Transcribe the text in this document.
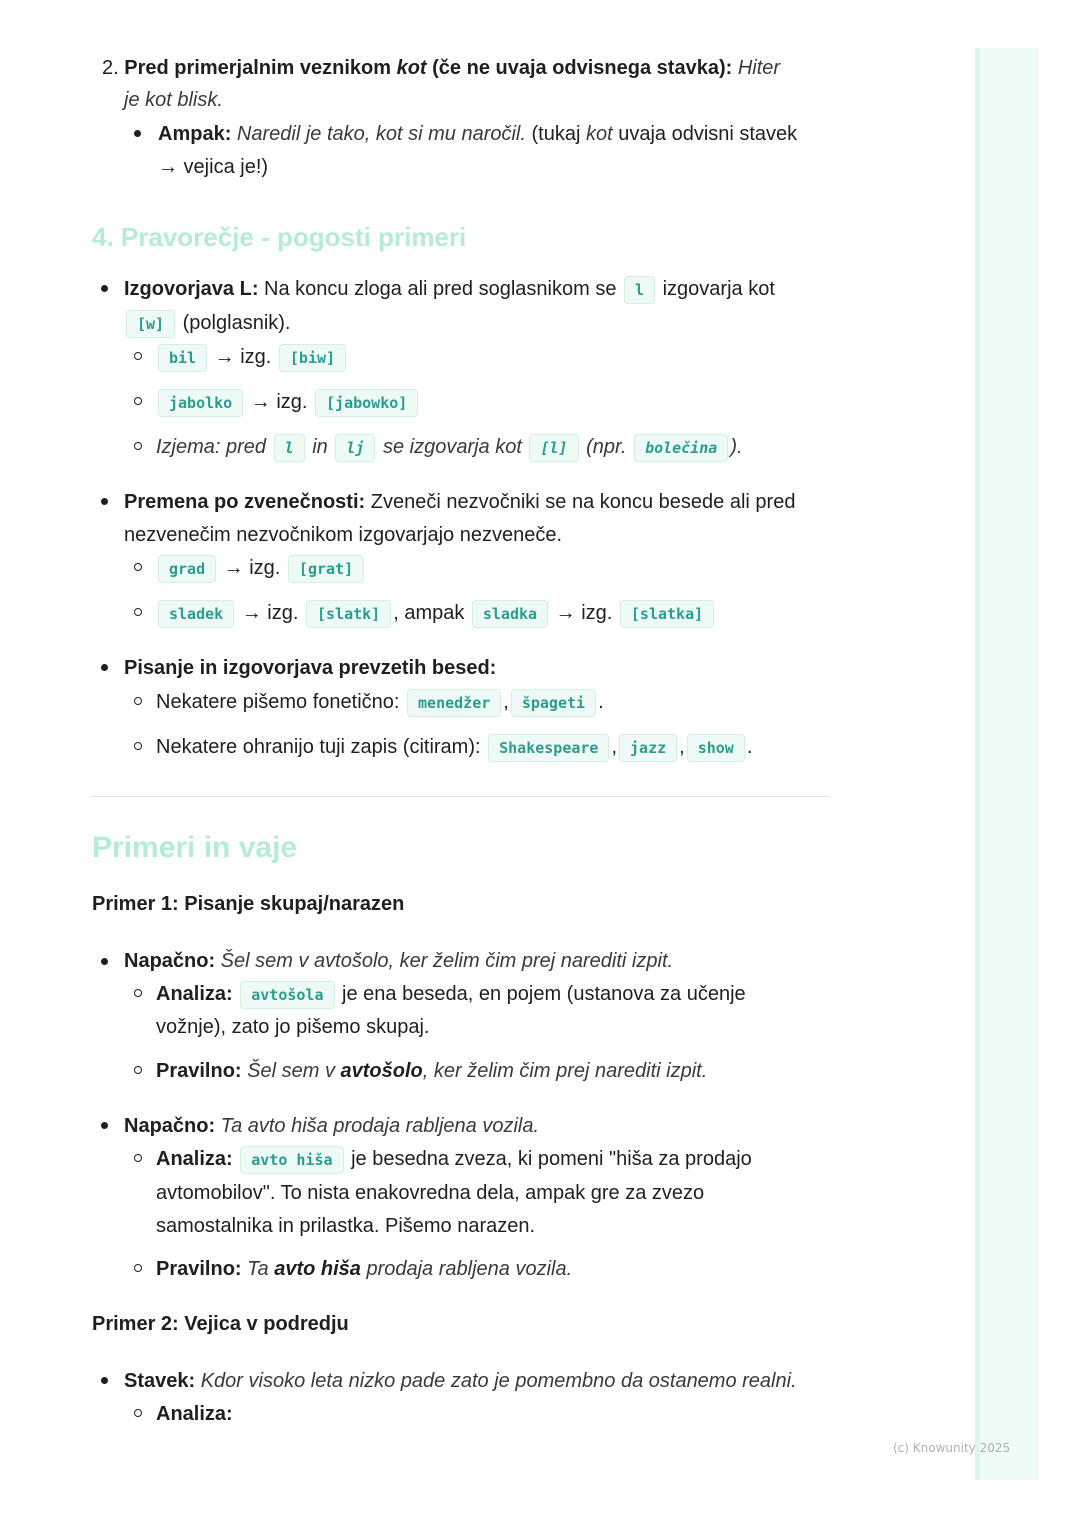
2. Pred primerjalnim veznikom kot (če ne uvaja odvisnega stavka): Hiter
je kot blisk.
Ampak: Naredil je tako, kot si mu naročil. (tukaj kot uvaja odvisni stavek
→ vejica je!)
4. Pravorečje - pogosti primeri
Izgovorjava L: Na koncu zloga ali pred soglasnikom se l izgovarja kot
[w] (polglasnik).
bil → izg. [biw]
jabolko → izg. [jabowko]
Izjema: pred l in lj se izgovarja kot [l] (npr. bolečina ).
Premena po zvenečnosti: Zveneči nezvočniki se na koncu besede ali pred
nezvenečim nezvočnikom izgovarjajo nezveneče.
grad → izg. [grat]
sladek → izg. [slatk] , ampak sladka → izg. [slatka]
Pisanje in izgovorjava prevzetih besed:
Nekatere pišemo fonetično: menedžer , špageti .
Nekatere ohranijo tuji zapis (citiram): Shakespeare , jazz , show .
Primeri in vaje
Primer 1: Pisanje skupaj/narazen
Napačno: Šel sem v avtošolo, ker želim čim prej narediti izpit.
Analiza: avtošola je ena beseda, en pojem (ustanova za učenje
vožnje), zato jo pišemo skupaj.
Pravilno: Šel sem v avtošolo, ker želim čim prej narediti izpit.
Napačno: Ta avto hiša prodaja rabljena vozila.
Analiza: avto hiša je besedna zveza, ki pomeni "hiša za prodajo
avtomobilov". To nista enakovredna dela, ampak gre za zvezo
samostalnika in prilastka. Pišemo narazen.
Pravilno: Ta avto hiša prodaja rabljena vozila.
Primer 2: Vejica v podredju
Stavek: Kdor visoko leta nizko pade zato je pomembno da ostanemo realni.
Analiza:
(c) Knowunity 2025
